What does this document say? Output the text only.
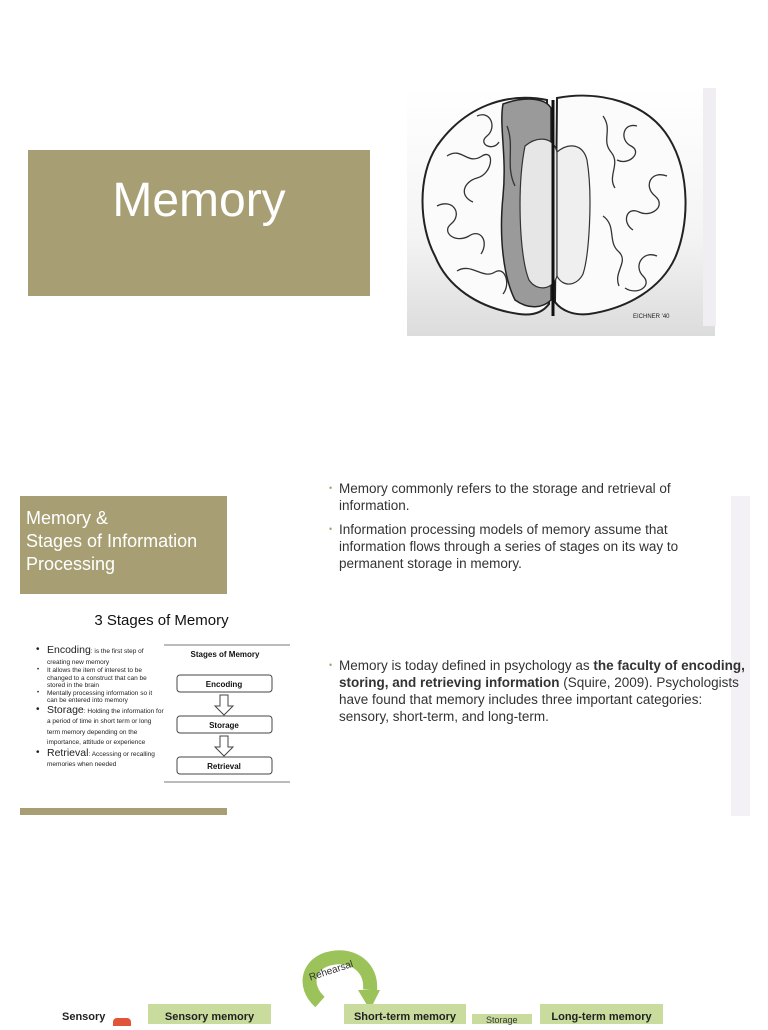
Memory
EICHNER '40
Memory &
Stages of Information
Processing
• Memory commonly refers to the storage and retrieval of information.
• Information processing models of memory assume that information flows through a series of stages on its way to permanent storage in memory.
• Memory is today defined in psychology as the faculty of encoding, storing, and retrieving information (Squire, 2009). Psychologists have found that memory includes three important categories: sensory, short-term, and long-term.
3 Stages of Memory
• Encoding: is the first step of creating new memory
• It allows the item of interest to be changed to a construct that can be stored in the brain
• Mentally processing information so it can be entered into memory
• Storage: Holding the information for a period of time in short term or long term memory depending on the importance, attitude or experience
• Retrieval: Accessing or recalling memories when needed
Stages of Memory
Encoding
Storage
Retrieval
Rehearsal
Sensory	Sensory memory	Short-term memory	Storage	Long-term memory
